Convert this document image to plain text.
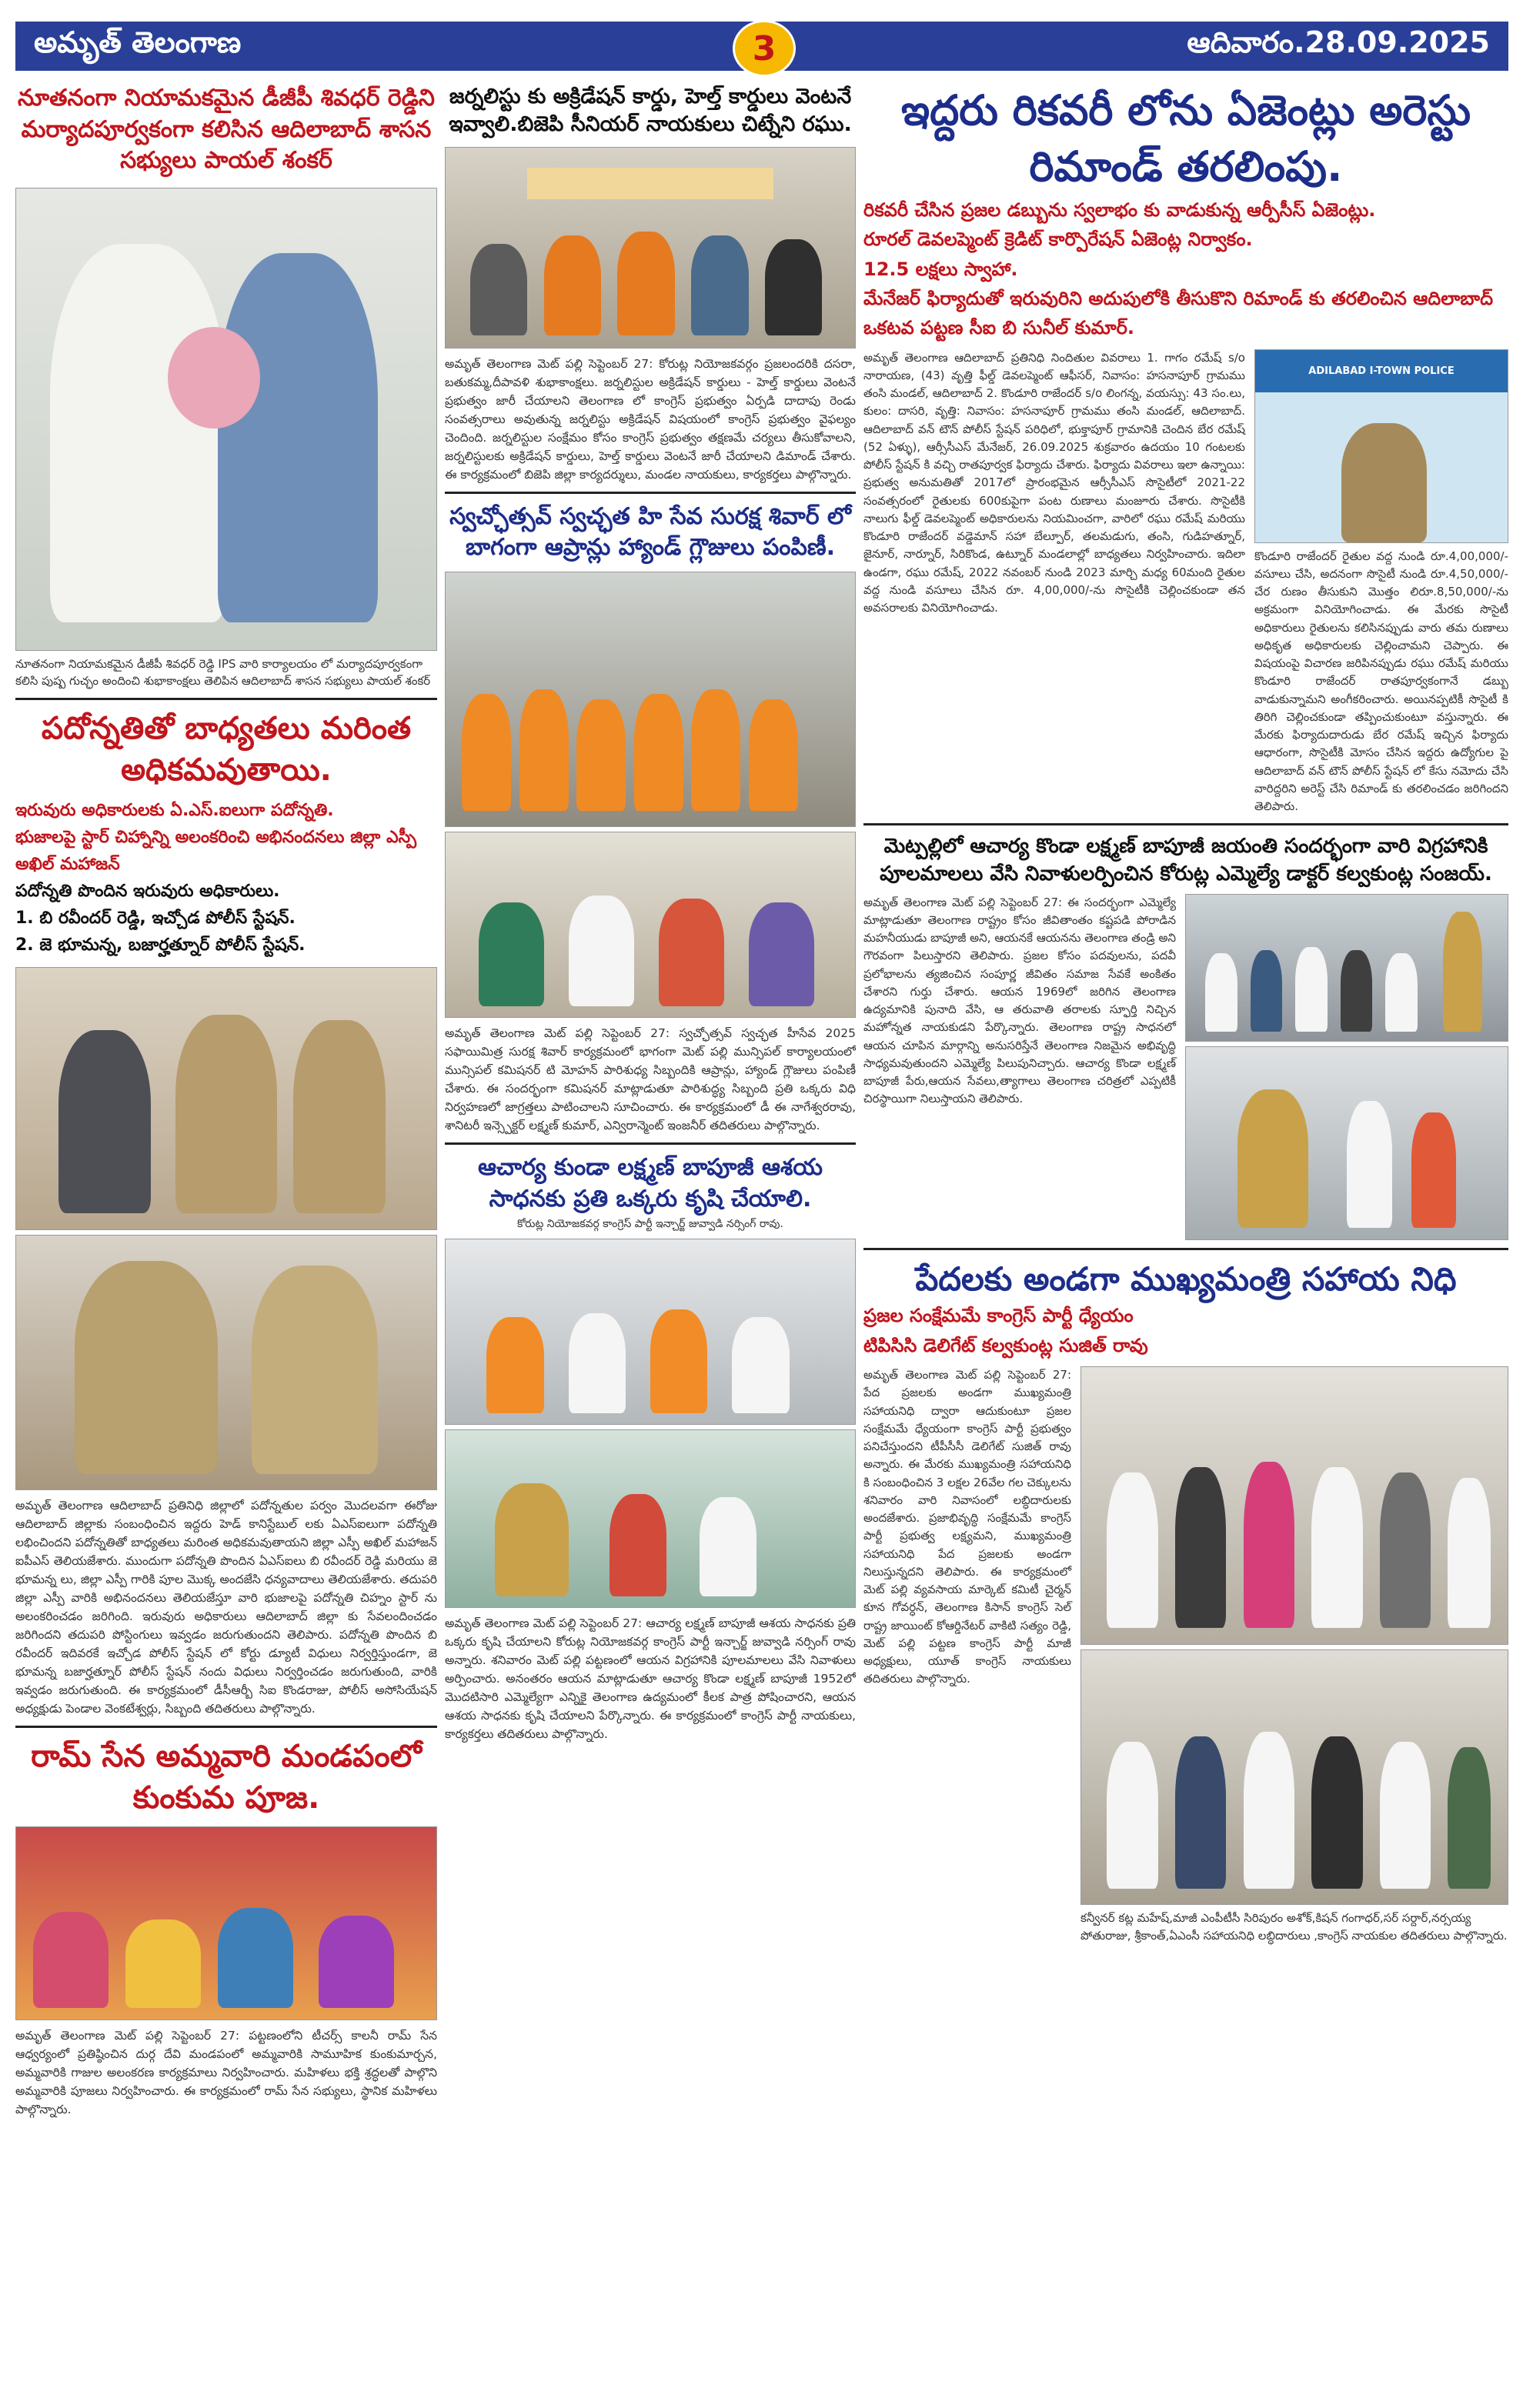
అమృత్ తెలంగాణ	ఆదివారం.28.09.2025
3
నూతనంగా నియామకమైన డీజీపీ శివధర్ రెడ్డిని మర్యాదపూర్వకంగా కలిసిన ఆదిలాబాద్ శాసన సభ్యులు పాయల్ శంకర్
నూతనంగా నియామకమైన డీజీపీ శివధర్ రెడ్డి IPS వారి కార్యాలయం లో మర్యాదపూర్వకంగా కలిసి పుష్ప గుచ్ఛం అందించి శుభాకాంక్షలు తెలిపిన ఆదిలాబాద్ శాసన సభ్యులు పాయల్ శంకర్
పదోన్నతితో బాధ్యతలు మరింత అధికమవుతాయి.
ఇరువురు అధికారులకు ఏ.ఎస్.ఐలుగా పదోన్నతి.
భుజాలపై స్టార్ చిహ్నాన్ని అలంకరించి అభినందనలు జిల్లా ఎస్పీ అఖిల్ మహాజన్
పదోన్నతి పొందిన ఇరువురు అధికారులు.
1. బి రవీందర్ రెడ్డి, ఇచ్చోడ పోలీస్ స్టేషన్.
2. జె భూమన్న, బజార్హత్నూర్ పోలీస్ స్టేషన్.
అమృత్ తెలంగాణ ఆదిలాబాద్ ప్రతినిధి జిల్లాలో పదోన్నతుల పర్వం మొదలవగా ఈరోజు ఆదిలాబాద్ జిల్లాకు సంబంధించిన ఇద్దరు హెడ్ కానిస్టేబుల్ లకు ఏఎస్ఐలుగా పదోన్నతి లభించిందని పదోన్నతితో బాధ్యతలు మరింత అధికమవుతాయని జిల్లా ఎస్పీ అఖిల్ మహాజన్ ఐపీఎస్ తెలియజేశారు. ముందుగా పదోన్నతి పొందిన ఏఎస్ఐలు బి రవీందర్ రెడ్డి మరియు జె భూమన్న లు, జిల్లా ఎస్పీ గారికి పూల మొక్క అందజేసి ధన్యవాదాలు తెలియజేశారు. తదుపరి జిల్లా ఎస్పీ వారికి అభినందనలు తెలియజేస్తూ వారి భుజాలపై పదోన్నతి చిహ్నం స్టార్ ను అలంకరించడం జరిగింది. ఇరువురు అధికారులు ఆదిలాబాద్ జిల్లా కు సేవలందించడం జరిగిందని తదుపరి పోస్టింగులు ఇవ్వడం జరుగుతుందని తెలిపారు. పదోన్నతి పొందిన బి రవీందర్ ఇదివరకే ఇచ్చోడ పోలీస్ స్టేషన్ లో కోర్టు డ్యూటీ విధులు నిర్వర్తిస్తుండగా, జె భూమన్న బజార్హత్నూర్ పోలీస్ స్టేషన్ నందు విధులు నిర్వర్తించడం జరుగుతుంది, వారికి ఇవ్వడం జరుగుతుంది. ఈ కార్యక్రమంలో డీసీఆర్బీ సిఐ కొండరాజు, పోలీస్ అసోసియేషన్ అధ్యక్షుడు పెండాల వెంకటేశ్వర్లు, సిబ్బంది తదితరులు పాల్గొన్నారు.
రామ్ సేన అమ్మవారి మండపంలో కుంకుమ పూజ.
అమృత్ తెలంగాణ మెట్ పల్లి సెప్టెంబర్ 27: పట్టణంలోని టీచర్స్ కాలనీ రామ్ సేన ఆధ్వర్యంలో ప్రతిష్ఠించిన దుర్గ దేవి మండపంలో అమ్మవారికి సామూహిక కుంకుమార్చన, అమ్మవారికి గాజుల అలంకరణ కార్యక్రమాలు నిర్వహించారు. మహిళలు భక్తి శ్రద్ధలతో పాల్గొని అమ్మవారికి పూజలు నిర్వహించారు. ఈ కార్యక్రమంలో రామ్ సేన సభ్యులు, స్థానిక మహిళలు పాల్గొన్నారు.
జర్నలిస్టు కు అక్రిడేషన్ కార్డు, హెల్త్ కార్డులు వెంటనే ఇవ్వాలి.బిజెపి సీనియర్ నాయకులు చిట్నేని రఘు.
అమృత్ తెలంగాణ మెట్ పల్లి సెప్టెంబర్ 27: కోరుట్ల నియోజకవర్గం ప్రజలందరికి దసరా, బతుకమ్మ,దీపావళి శుభాకాంక్షలు. జర్నలిస్టుల అక్రిడేషన్ కార్డులు - హెల్త్ కార్డులు వెంటనే ప్రభుత్వం జారీ చేయాలని తెలంగాణ లో కాంగ్రెస్ ప్రభుత్వం ఏర్పడి దాదాపు రెండు సంవత్సరాలు అవుతున్న జర్నలిస్టు అక్రిడేషన్ విషయంలో కాంగ్రెస్ ప్రభుత్వం వైఫల్యం చెందింది. జర్నలిస్టుల సంక్షేమం కోసం కాంగ్రెస్ ప్రభుత్వం తక్షణమే చర్యలు తీసుకోవాలని, జర్నలిస్టులకు అక్రిడేషన్ కార్డులు, హెల్త్ కార్డులు వెంటనే జారీ చేయాలని డిమాండ్ చేశారు. ఈ కార్యక్రమంలో బిజెపి జిల్లా కార్యదర్శులు, మండల నాయకులు, కార్యకర్తలు పాల్గొన్నారు.
స్వచ్ఛోత్సవ్ స్వచ్ఛత హి సేవ సురక్ష శివార్ లో బాగంగా ఆప్రాన్లు హ్యాండ్ గ్లౌజులు పంపిణీ.
అమృత్ తెలంగాణ మెట్ పల్లి సెప్టెంబర్ 27: స్వచ్ఛోత్సవ్ స్వచ్ఛత హీసేవ 2025 సఫాయిమిత్ర సురక్ష శివార్ కార్యక్రమంలో భాగంగా మెట్ పల్లి మున్సిపల్ కార్యాలయంలో మున్సిపల్ కమిషనర్ టి మోహన్ పారిశుధ్య సిబ్బందికి ఆప్రాన్లు, హ్యాండ్ గ్లౌజులు పంపిణీ చేశారు. ఈ సందర్భంగా కమిషనర్ మాట్లాడుతూ పారిశుద్ధ్య సిబ్బంది ప్రతి ఒక్కరు విధి నిర్వహణలో జాగ్రత్తలు పాటించాలని సూచించారు. ఈ కార్యక్రమంలో డీ ఈ నాగేశ్వరరావు, శానిటరీ ఇన్స్పెక్టర్ లక్ష్మణ్ కుమార్, ఎన్విరాన్మెంట్ ఇంజనీర్ తదితరులు పాల్గొన్నారు.
ఆచార్య కుండా లక్ష్మణ్ బాపూజీ ఆశయ సాధనకు ప్రతి ఒక్కరు కృషి చేయాలి.
కోరుట్ల నియోజకవర్గ కాంగ్రెస్ పార్టీ ఇన్చార్జ్ జువ్వాడి నర్సింగ్ రావు.
అమృత్ తెలంగాణ మెట్ పల్లి సెప్టెంబర్ 27: ఆచార్య లక్ష్మణ్ బాపూజీ ఆశయ సాధనకు ప్రతి ఒక్కరు కృషి చేయాలని కోరుట్ల నియోజకవర్గ కాంగ్రెస్ పార్టీ ఇన్చార్జ్ జువ్వాడి నర్సింగ్ రావు అన్నారు. శనివారం మెట్ పల్లి పట్టణంలో ఆయన విగ్రహానికి పూలమాలలు వేసి నివాళులు అర్పించారు. అనంతరం ఆయన మాట్లాడుతూ ఆచార్య కొండా లక్ష్మణ్ బాపూజీ 1952లో మొదటిసారి ఎమ్మెల్యేగా ఎన్నికై తెలంగాణ ఉద్యమంలో కీలక పాత్ర పోషించారని, ఆయన ఆశయ సాధనకు కృషి చేయాలని పేర్కొన్నారు. ఈ కార్యక్రమంలో కాంగ్రెస్ పార్టీ నాయకులు, కార్యకర్తలు తదితరులు పాల్గొన్నారు.
ఇద్దరు రికవరీ లోను ఏజెంట్లు అరెస్టు రిమాండ్ తరలింపు.
రికవరీ చేసిన ప్రజల డబ్బును స్వలాభం కు వాడుకున్న ఆర్పీసీస్ ఏజెంట్లు.
రూరల్ డెవలప్మెంట్ క్రెడిట్ కార్పొరేషన్ ఏజెంట్ల నిర్వాకం.
12.5 లక్షలు స్వాహా.
మేనేజర్ ఫిర్యాదుతో ఇరువురిని అదుపులోకి తీసుకొని రిమాండ్ కు తరలించిన ఆదిలాబాద్ ఒకటవ పట్టణ సీఐ బి సునీల్ కుమార్.
అమృత్ తెలంగాణ ఆదిలాబాద్ ప్రతినిధి నిందితుల వివరాలు 1. గాగం రమేష్ s/o నారాయణ, (43) వృత్తి ఫీల్డ్ డెవలప్మెంట్ ఆఫీసర్, నివాసం: హసనాపూర్ గ్రామము తంసి మండల్, ఆదిలాబాద్ 2. కొండూరి రాజేందర్ s/o లింగన్న, వయస్సు: 43 సం.లు, కులం: దాసరి, వృత్తి: నివాసం: హసనాపూర్ గ్రామము తంసి మండల్, ఆదిలాబాద్. ఆదిలాబాద్ వన్ టౌన్ పోలీస్ స్టేషన్ పరిధిలో, భుక్తాపూర్ గ్రామానికి చెందిన బేర రమేష్ (52 ఏళ్ళు), ఆర్సీసీఎస్ మేనేజర్, 26.09.2025 శుక్రవారం ఉదయం 10 గంటలకు పోలీస్ స్టేషన్ కి వచ్చి రాతపూర్వక ఫిర్యాదు చేశారు. ఫిర్యాదు వివరాలు ఇలా ఉన్నాయి: ప్రభుత్వ అనుమతితో 2017లో ప్రారంభమైన ఆర్సీసీఎస్ సొసైటీలో 2021-22 సంవత్సరంలో రైతులకు 600కుపైగా పంట రుణాలు మంజూరు చేశారు. సొసైటీకి నాలుగు ఫీల్డ్ డెవలప్మెంట్ అధికారులను నియమించగా, వారిలో రఘు రమేష్ మరియు కొండూరి రాజేందర్ వడ్డెమాన్ సహా బేల్పూర్, తలమడుగు, తంసి, గుడిహత్నూర్, జైనూర్, నార్నూర్, సిరికొండ, ఉట్నూర్ మండలాల్లో బాధ్యతలు నిర్వహించారు. ఇదిలా ఉండగా, రఘు రమేష్, 2022 నవంబర్ నుండి 2023 మార్చి మధ్య 60మంది రైతుల వద్ద నుండి వసూలు చేసిన రూ. 4,00,000/-ను సొసైటీకి చెల్లించకుండా తన అవసరాలకు వినియోగించాడు.
ADILABAD I-TOWN POLICE
కొండూరి రాజేందర్ రైతుల వద్ద నుండి రూ.4,00,000/- వసూలు చేసి, అదనంగా సొసైటీ నుండి రూ.4,50,000/- చేర రుణం తీసుకుని మొత్తం లిరూ.8,50,000/-ను అక్రమంగా వినియోగించాడు. ఈ మేరకు సొసైటీ అధికారులు రైతులను కలిసినప్పుడు వారు తమ రుణాలు అధికృత అధికారులకు చెల్లించామని చెప్పారు. ఈ విషయంపై విచారణ జరిపినప్పుడు రఘు రమేష్ మరియు కొండూరి రాజేందర్ రాతపూర్వకంగానే డబ్బు వాడుకున్నామని అంగీకరించారు. అయినప్పటికీ సొసైటీ కి తిరిగి చెల్లించకుండా తప్పించుకుంటూ వస్తున్నారు. ఈ మేరకు ఫిర్యాదుదారుడు బేర రమేష్ ఇచ్చిన ఫిర్యాదు ఆధారంగా, సొసైటీకి మోసం చేసిన ఇద్దరు ఉద్యోగుల పై ఆదిలాబాద్ వన్ టౌన్ పోలీస్ స్టేషన్ లో కేసు నమోదు చేసి వారిద్దరిని అరెస్ట్ చేసి రిమాండ్ కు తరలించడం జరిగిందని తెలిపారు.
మెట్పల్లిలో ఆచార్య కొండా లక్ష్మణ్ బాపూజీ జయంతి సందర్భంగా వారి విగ్రహానికి పూలమాలలు వేసి నివాళులర్పించిన కోరుట్ల ఎమ్మెల్యే డాక్టర్ కల్వకుంట్ల సంజయ్.
అమృత్ తెలంగాణ మెట్ పల్లి సెప్టెంబర్ 27: ఈ సందర్భంగా ఎమ్మెల్యే మాట్లాడుతూ తెలంగాణ రాష్ట్రం కోసం జీవితాంతం కష్టపడి పోరాడిన మహనీయుడు బాపూజీ అని, ఆయనకే ఆయనను తెలంగాణ తండ్రి అని గౌరవంగా పిలుస్తారని తెలిపారు. ప్రజల కోసం పదవులను, పదవీ ప్రలోభాలను త్యజించిన సంపూర్ణ జీవితం సమాజ సేవకే అంకితం చేశారని గుర్తు చేశారు. ఆయన 1969లో జరిగిన తెలంగాణ ఉద్యమానికి పునాది వేసి, ఆ తరువాతి తరాలకు స్ఫూర్తి నిచ్చిన మహోన్నత నాయకుడని పేర్కొన్నారు. తెలంగాణ రాష్ట్ర సాధనలో ఆయన చూపిన మార్గాన్ని అనుసరిస్తేనే తెలంగాణ నిజమైన అభివృద్ధి సాధ్యమవుతుందని ఎమ్మెల్యే పిలుపునిచ్చారు. ఆచార్య కొండా లక్ష్మణ్ బాపూజీ పేరు,ఆయన సేవలు,త్యాగాలు తెలంగాణ చరిత్రలో ఎప్పటికీ చిరస్థాయిగా నిలుస్తాయని తెలిపారు.
పేదలకు అండగా ముఖ్యమంత్రి సహాయ నిధి
ప్రజల సంక్షేమమే కాంగ్రెస్ పార్టీ ధ్యేయం
టిపిసిసి డెలిగేట్ కల్వకుంట్ల సుజిత్ రావు
అమృత్ తెలంగాణ మెట్ పల్లి సెప్టెంబర్ 27: పేద ప్రజలకు అండగా ముఖ్యమంత్రి సహాయనిధి ద్వారా ఆదుకుంటూ ప్రజల సంక్షేమమే ధ్యేయంగా కాంగ్రెస్ పార్టీ ప్రభుత్వం పనిచేస్తుందని టీపీసీసీ డెలిగేట్ సుజిత్ రావు అన్నారు. ఈ మేరకు ముఖ్యమంత్రి సహాయనిధి కి సంబంధించిన 3 లక్షల 26వేల గల చెక్కులను శనివారం వారి నివాసంలో లబ్ధిదారులకు అందజేశారు. ప్రజాభివృద్ధి సంక్షేమమే కాంగ్రెస్ పార్టీ ప్రభుత్వ లక్ష్యమని, ముఖ్యమంత్రి సహాయనిధి పేద ప్రజలకు అండగా నిలుస్తున్నదని తెలిపారు. ఈ కార్యక్రమంలో మెట్ పల్లి వ్యవసాయ మార్కెట్ కమిటీ చైర్మన్ కూన గోవర్ధన్, తెలంగాణ కిసాన్ కాంగ్రెస్ సెల్ రాష్ట్ర జాయింట్ కోఆర్డినేటర్ వాకిటి సత్యం రెడ్డి, మెట్ పల్లి పట్టణ కాంగ్రెస్ పార్టీ మాజీ అధ్యక్షులు, యూత్ కాంగ్రెస్ నాయకులు తదితరులు పాల్గొన్నారు.
కన్వీనర్ కట్ల మహేష్,మాజీ ఎంపీటీసీ సిరిపురం అశోక్,కిషన్ గంగాధర్,సర్ సర్దార్,నర్సయ్య పోతురాజు, శ్రీకాంత్,ఏఎంసీ సహాయనిధి లబ్ధిదారులు ,కాంగ్రెస్ నాయకుల తదితరులు పాల్గొన్నారు.
